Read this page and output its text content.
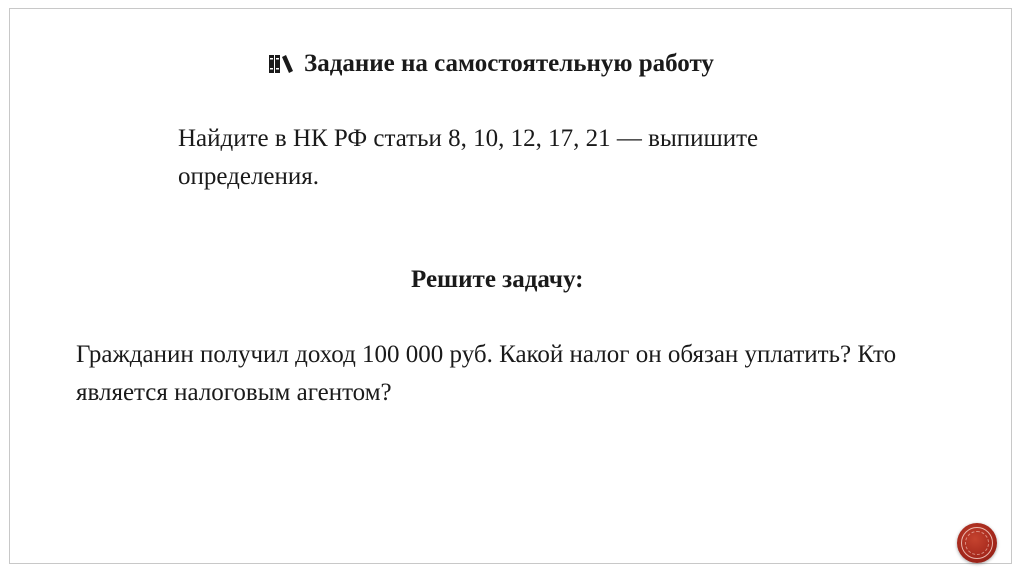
Задание на самостоятельную работу
Найдите в НК РФ статьи 8, 10, 12, 17, 21 — выпишите определения.
Решите задачу:
Гражданин получил доход 100 000 руб. Какой налог он обязан уплатить? Кто является налоговым агентом?
